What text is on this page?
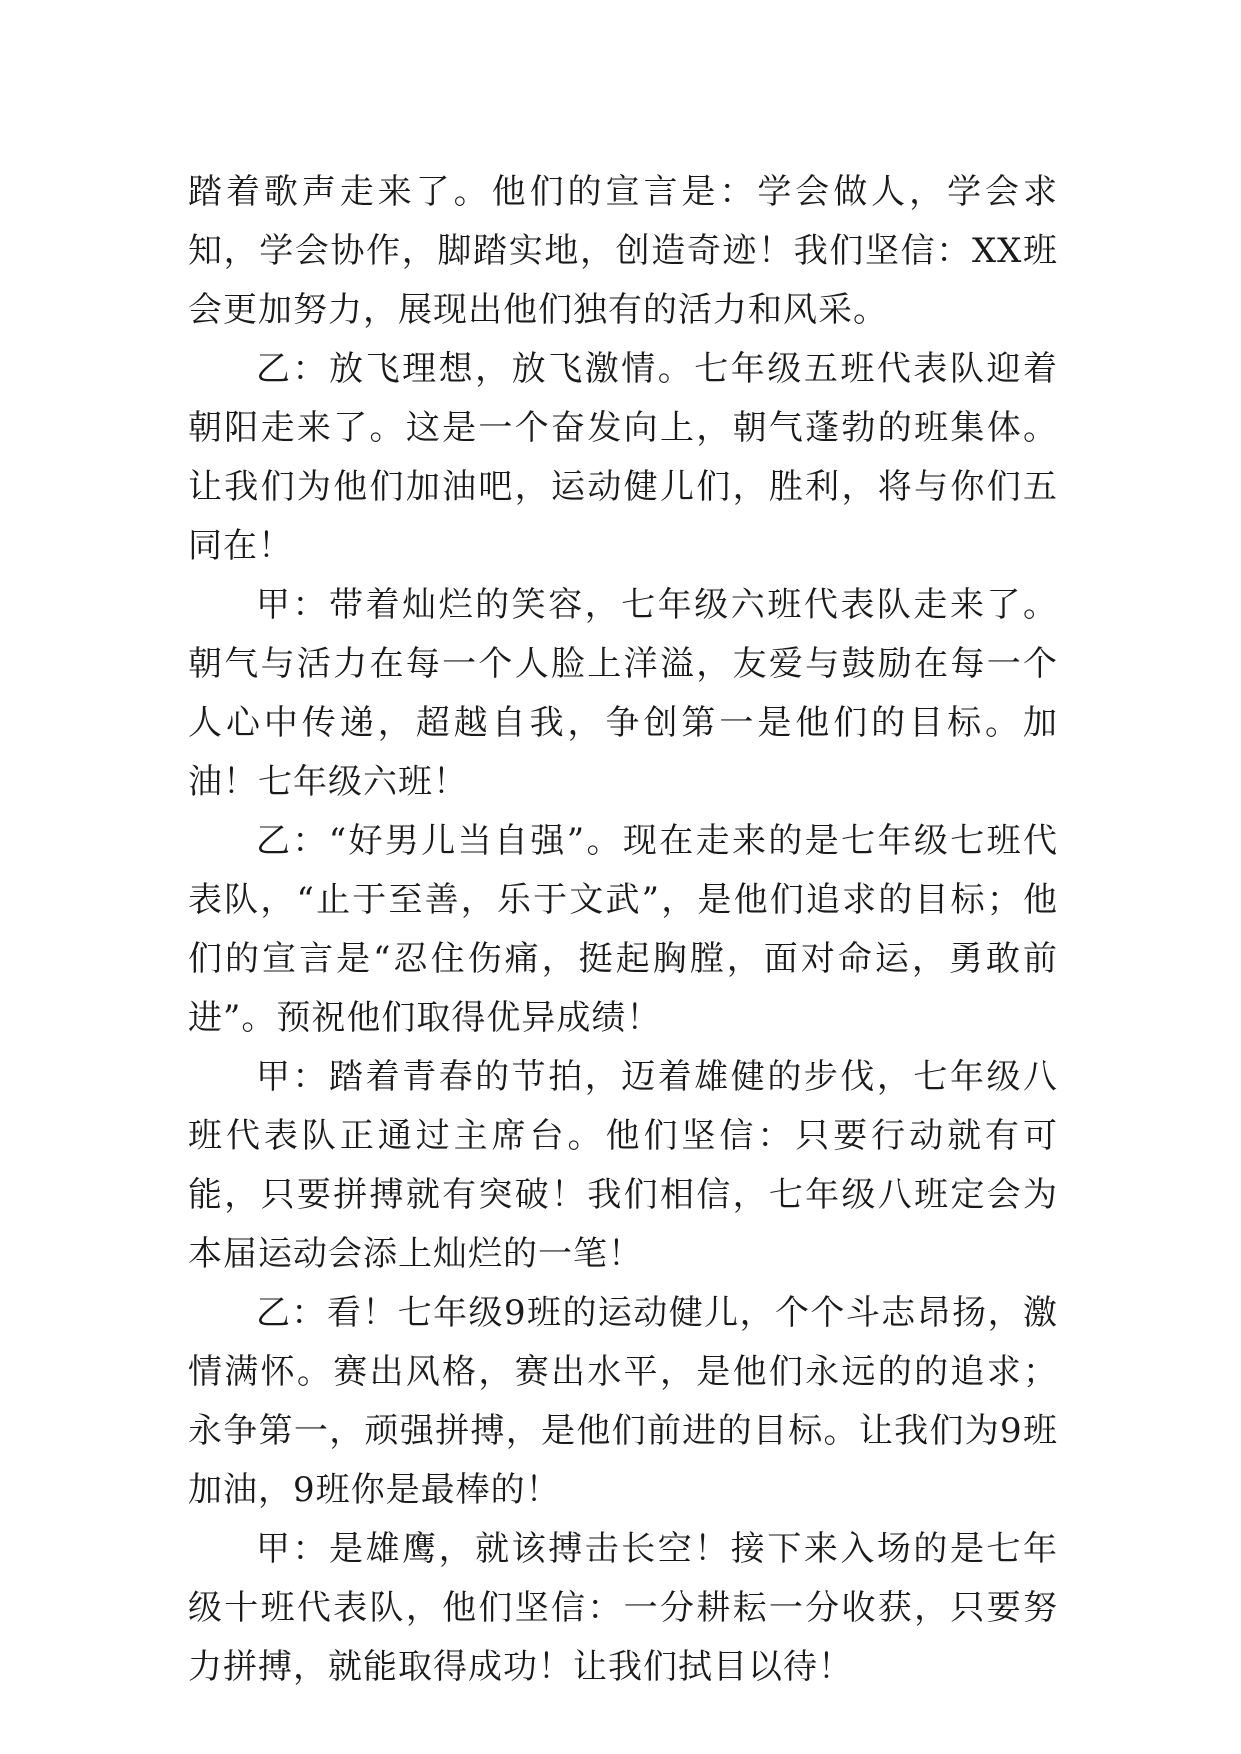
踏着歌声走来了。他们的宣言是：学会做人，学会求知，学会协作，脚踏实地，创造奇迹！我们坚信：XX班会更加努力，展现出他们独有的活力和风采。

乙：放飞理想，放飞激情。七年级五班代表队迎着朝阳走来了。这是一个奋发向上，朝气蓬勃的班集体。让我们为他们加油吧，运动健儿们，胜利，将与你们五同在！

甲：带着灿烂的笑容，七年级六班代表队走来了。朝气与活力在每一个人脸上洋溢，友爱与鼓励在每一个人心中传递，超越自我，争创第一是他们的目标。加油！七年级六班！

乙：“好男儿当自强”。现在走来的是七年级七班代表队，“止于至善，乐于文武”，是他们追求的目标；他们的宣言是“忍住伤痛，挺起胸膛，面对命运，勇敢前进”。预祝他们取得优异成绩！

甲：踏着青春的节拍，迈着雄健的步伐，七年级八班代表队正通过主席台。他们坚信：只要行动就有可能，只要拼搏就有突破！我们相信，七年级八班定会为本届运动会添上灿烂的一笔！

乙：看！七年级9班的运动健儿，个个斗志昂扬，激情满怀。赛出风格，赛出水平，是他们永远的的追求；永争第一，顽强拼搏，是他们前进的目标。让我们为9班加油，9班你是最棒的！

甲：是雄鹰，就该搏击长空！接下来入场的是七年级十班代表队，他们坚信：一分耕耘一分收获，只要努力拼搏，就能取得成功！让我们拭目以待！
